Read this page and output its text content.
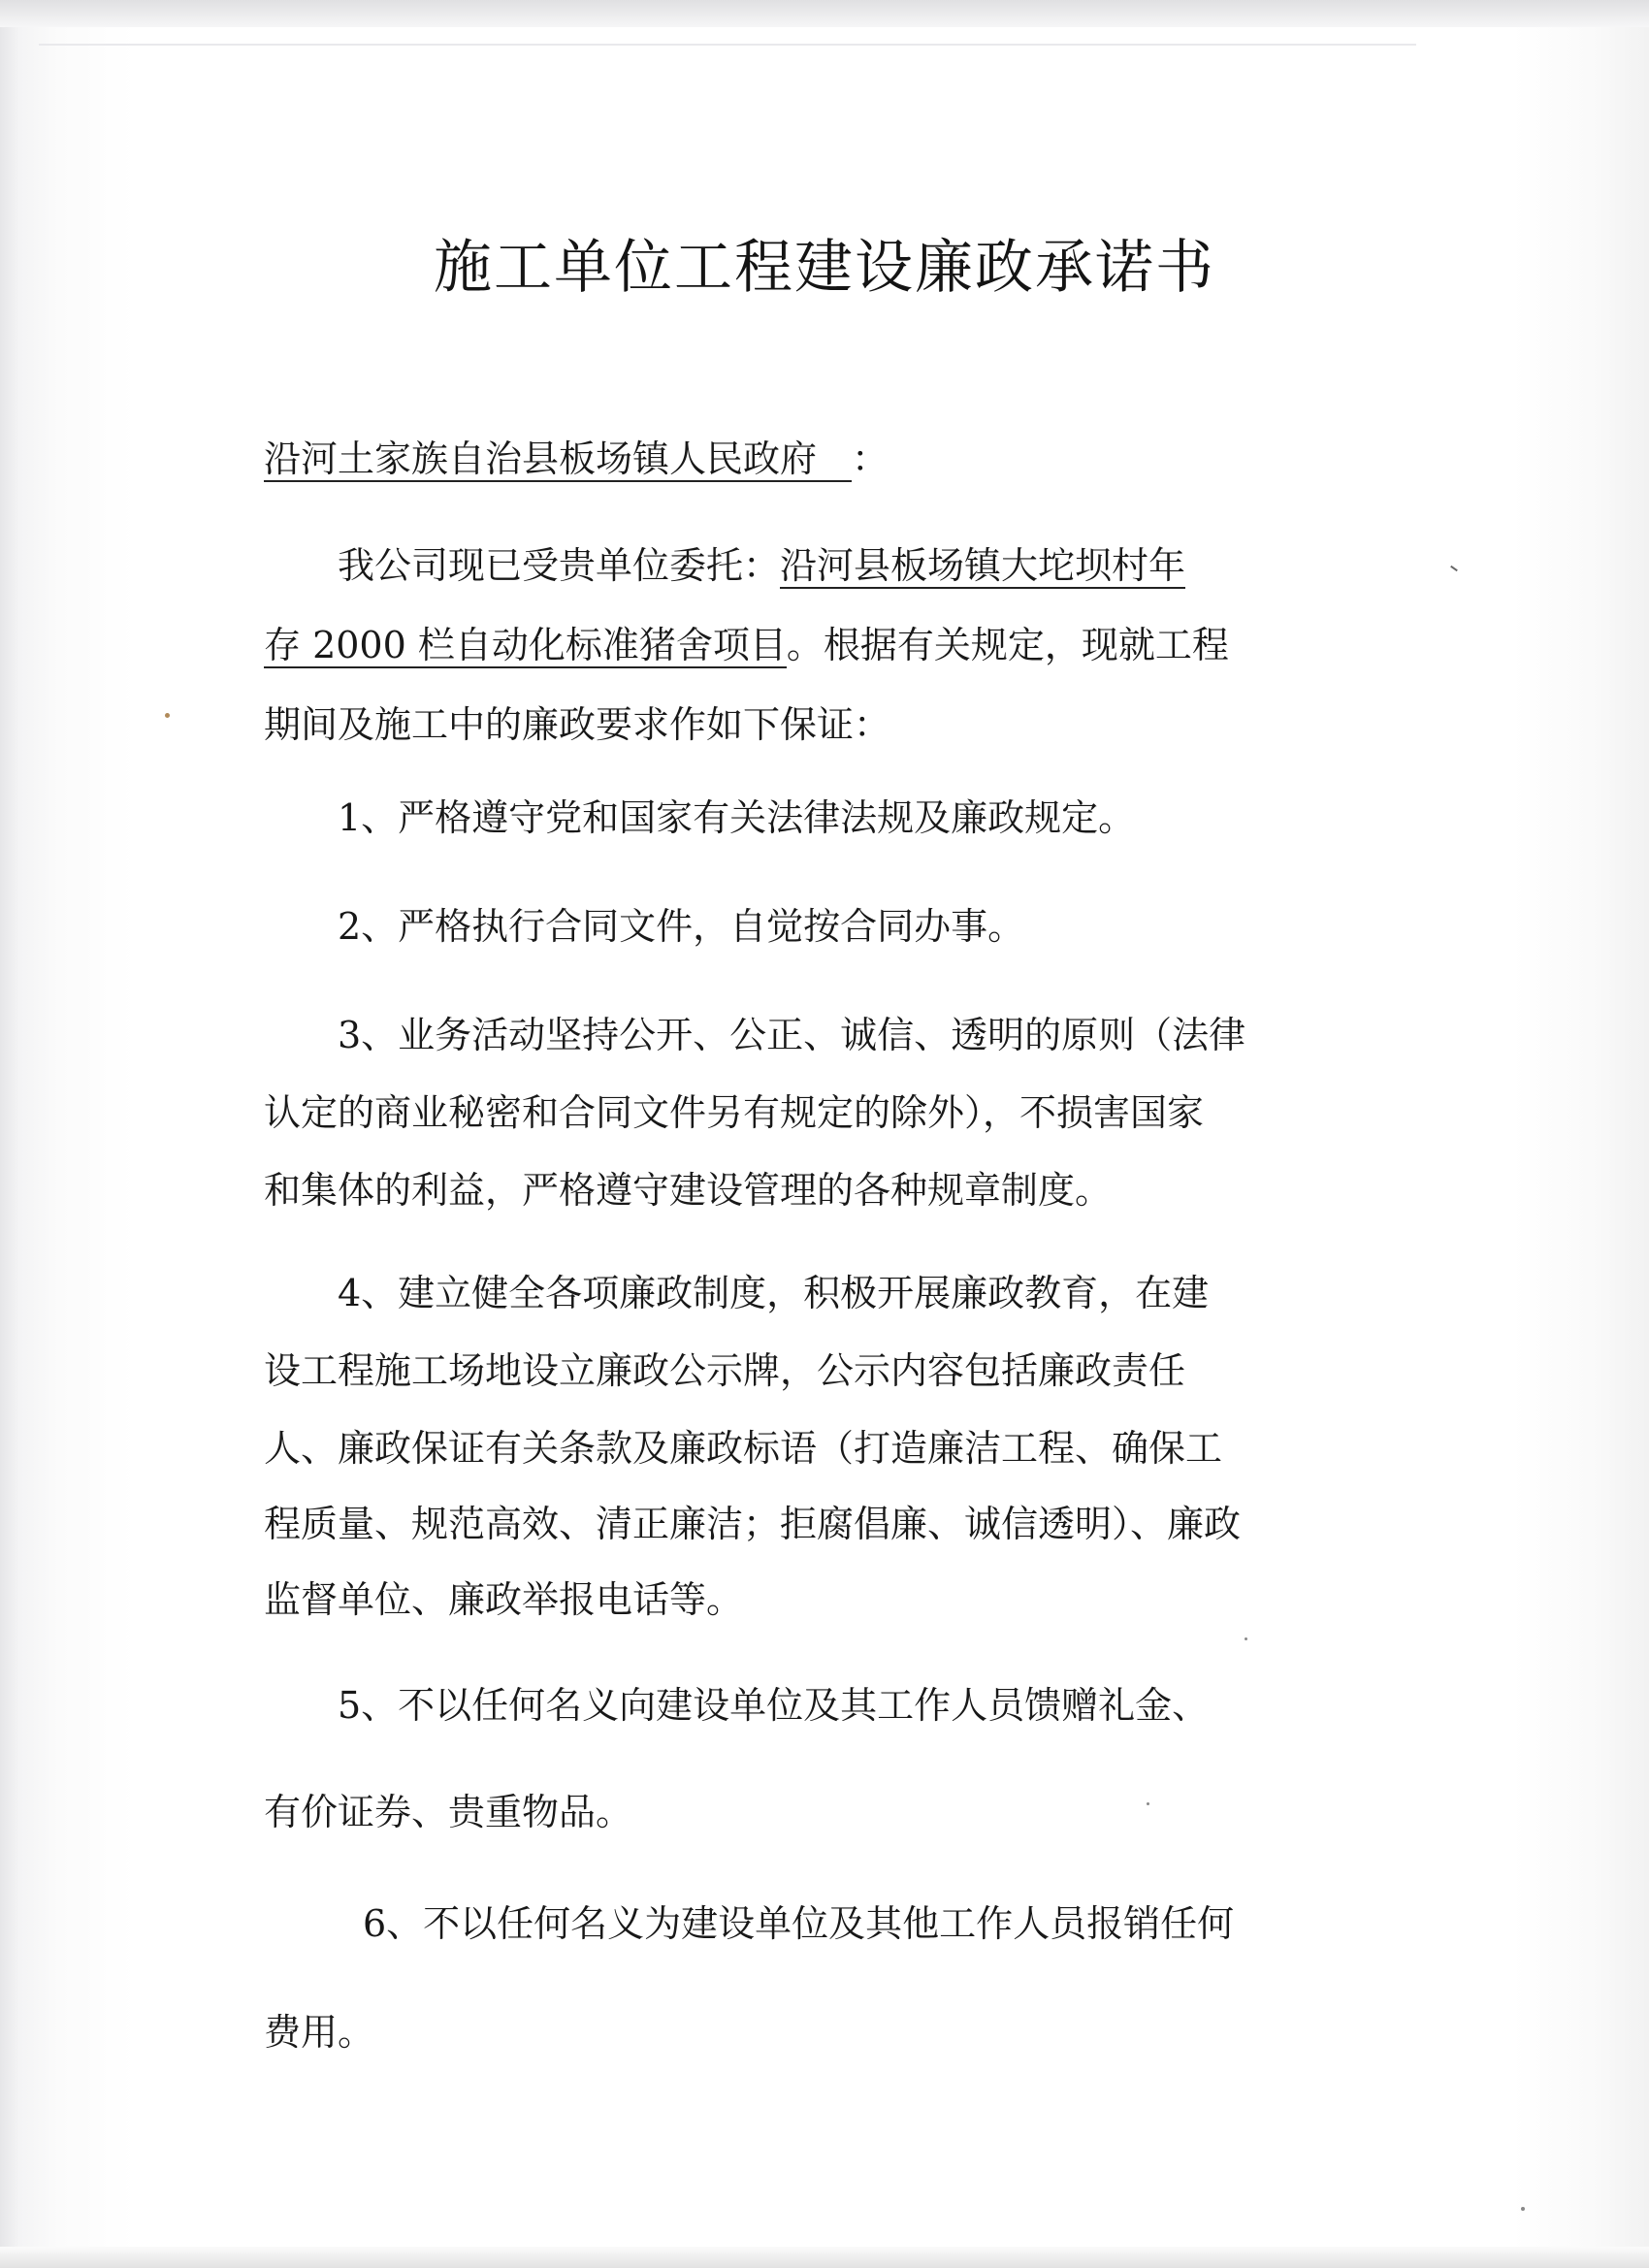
施工单位工程建设廉政承诺书
沿河土家族自治县板场镇人民政府 ：
我公司现已受贵单位委托：沿河县板场镇大坨坝村年
存 2000 栏自动化标准猪舍项目。根据有关规定，现就工程
期间及施工中的廉政要求作如下保证：
1、严格遵守党和国家有关法律法规及廉政规定。
2、严格执行合同文件，自觉按合同办事。
3、业务活动坚持公开、公正、诚信、透明的原则（法律
认定的商业秘密和合同文件另有规定的除外），不损害国家
和集体的利益，严格遵守建设管理的各种规章制度。
4、建立健全各项廉政制度，积极开展廉政教育，在建
设工程施工场地设立廉政公示牌，公示内容包括廉政责任
人、廉政保证有关条款及廉政标语（打造廉洁工程、确保工
程质量、规范高效、清正廉洁；拒腐倡廉、诚信透明）、廉政
监督单位、廉政举报电话等。
5、不以任何名义向建设单位及其工作人员馈赠礼金、
有价证券、贵重物品。
6、不以任何名义为建设单位及其他工作人员报销任何
费用。
